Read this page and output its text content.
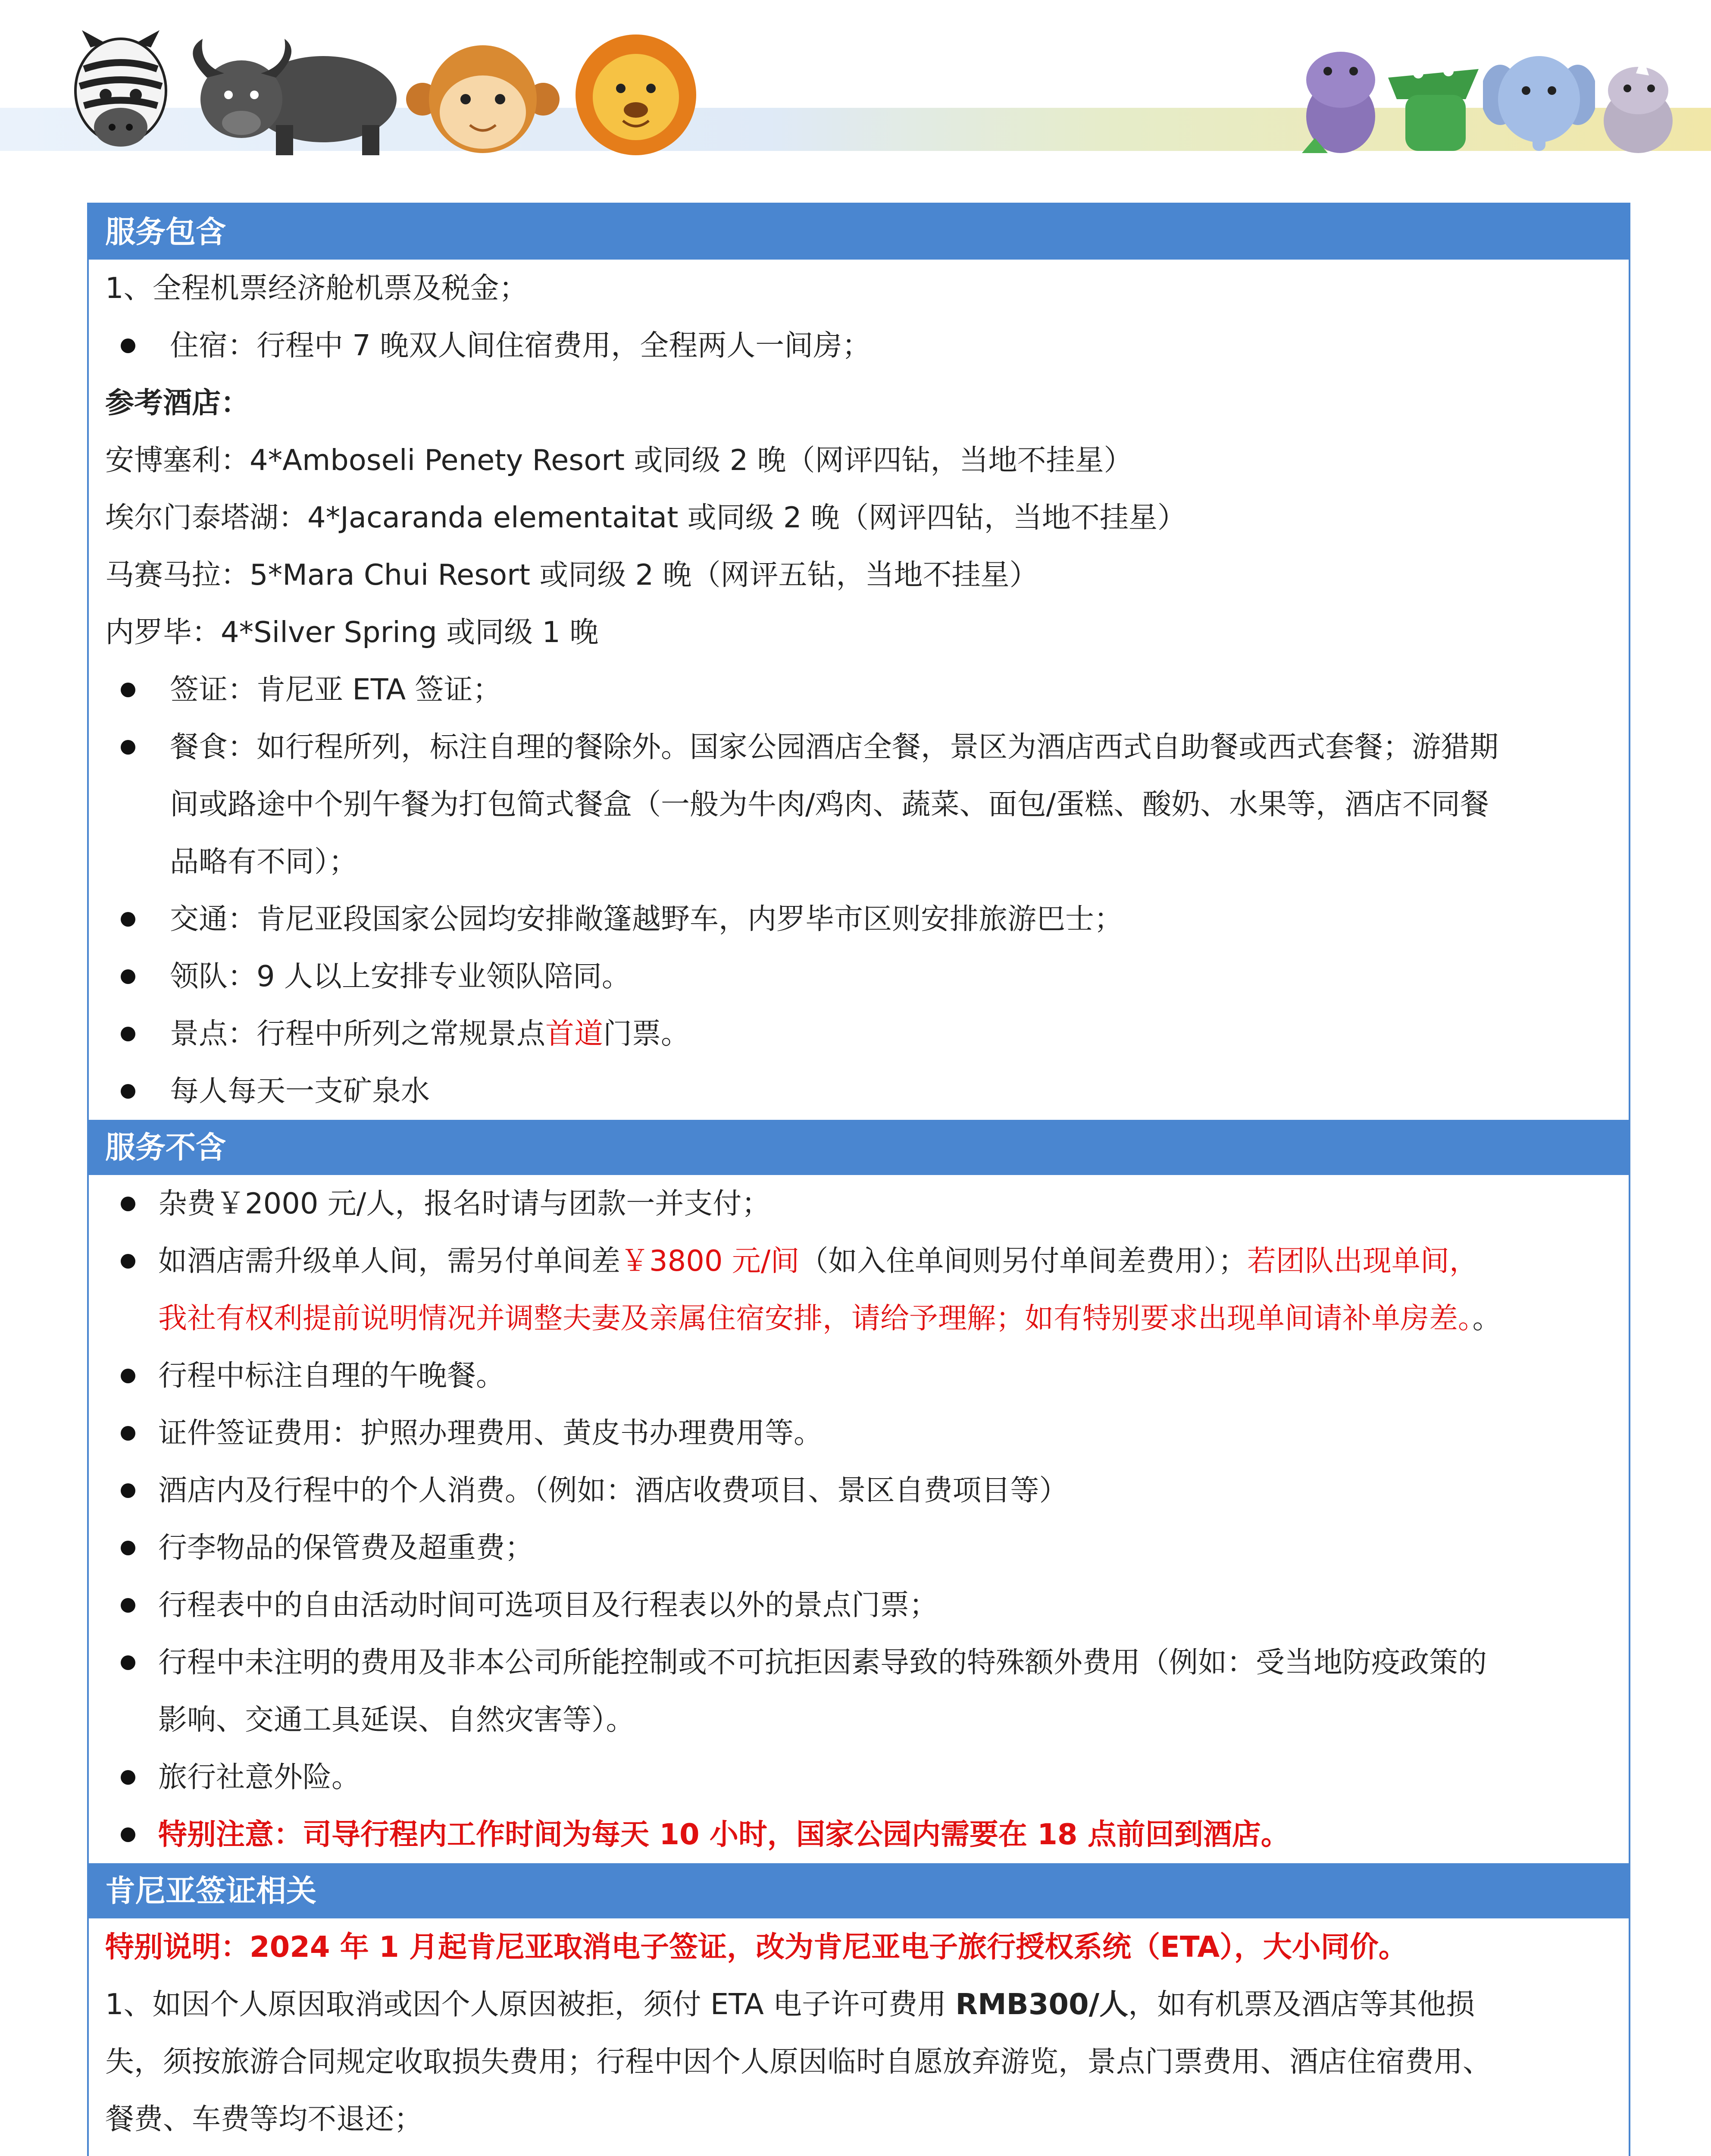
服务包含
1、全程机票经济舱机票及税金；
住宿：行程中 7 晚双人间住宿费用，全程两人一间房；
参考酒店：
安博塞利：4*Amboseli Penety Resort 或同级 2 晚（网评四钻，当地不挂星）
埃尔门泰塔湖：4*Jacaranda elementaitat 或同级 2 晚（网评四钻，当地不挂星）
马赛马拉：5*Mara Chui Resort 或同级 2 晚（网评五钻，当地不挂星）
内罗毕：4*Silver Spring 或同级 1 晚
签证：肯尼亚 ETA 签证；
餐食：如行程所列，标注自理的餐除外。国家公园酒店全餐，景区为酒店西式自助餐或西式套餐；游猎期
间或路途中个别午餐为打包简式餐盒（一般为牛肉/鸡肉、蔬菜、面包/蛋糕、酸奶、水果等，酒店不同餐
品略有不同）；
交通：肯尼亚段国家公园均安排敞篷越野车，内罗毕市区则安排旅游巴士；
领队：9 人以上安排专业领队陪同。
景点：行程中所列之常规景点首道门票。
每人每天一支矿泉水
服务不含
杂费￥2000 元/人，报名时请与团款一并支付；
如酒店需升级单人间，需另付单间差￥3800 元/间（如入住单间则另付单间差费用）；若团队出现单间，
我社有权利提前说明情况并调整夫妻及亲属住宿安排，请给予理解；如有特别要求出现单间请补单房差。。
行程中标注自理的午晚餐。
证件签证费用：护照办理费用、黄皮书办理费用等。
酒店内及行程中的个人消费。（例如：酒店收费项目、景区自费项目等）
行李物品的保管费及超重费；
行程表中的自由活动时间可选项目及行程表以外的景点门票；
行程中未注明的费用及非本公司所能控制或不可抗拒因素导致的特殊额外费用（例如：受当地防疫政策的
影响、交通工具延误、自然灾害等）。
旅行社意外险。
特别注意：司导行程内工作时间为每天 10 小时，国家公园内需要在 18 点前回到酒店。
肯尼亚签证相关
特别说明：2024 年 1 月起肯尼亚取消电子签证，改为肯尼亚电子旅行授权系统（ETA），大小同价。
1、如因个人原因取消或因个人原因被拒，须付 ETA 电子许可费用 RMB300/人，如有机票及酒店等其他损
失，须按旅游合同规定收取损失费用；行程中因个人原因临时自愿放弃游览，景点门票费用、酒店住宿费用、
餐费、车费等均不退还；
